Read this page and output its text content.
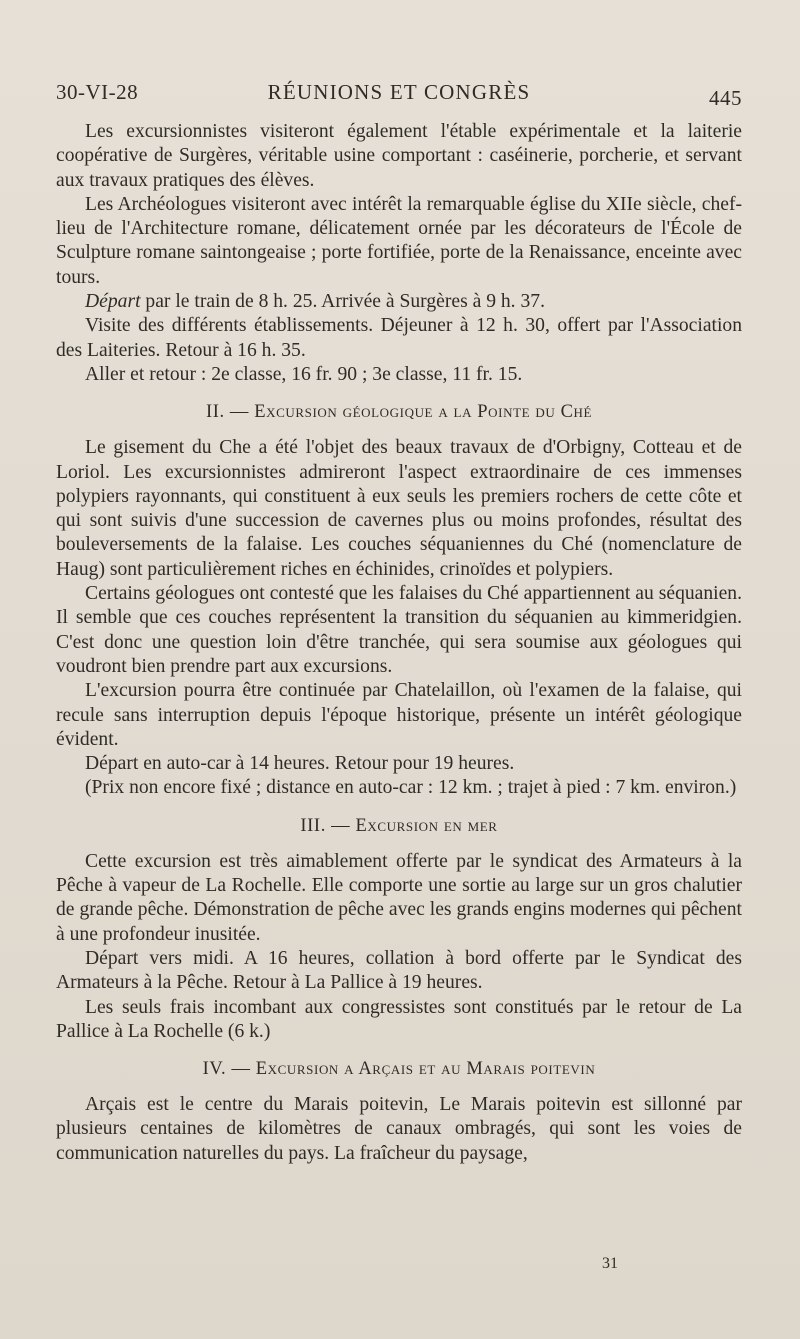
30-VI-28	RÉUNIONS ET CONGRÈS	445

Les excursionnistes visiteront également l'étable expérimentale et la laiterie coopérative de Surgères, véritable usine comportant : caséinerie, porcherie, et servant aux travaux pratiques des élèves.

Les Archéologues visiteront avec intérêt la remarquable église du XIIe siècle, chef-lieu de l'Architecture romane, délicatement ornée par les décorateurs de l'École de Sculpture romane saintongeaise ; porte fortifiée, porte de la Renaissance, enceinte avec tours.

Départ par le train de 8 h. 25. Arrivée à Surgères à 9 h. 37.

Visite des différents établissements. Déjeuner à 12 h. 30, offert par l'Association des Laiteries. Retour à 16 h. 35.

Aller et retour : 2e classe, 16 fr. 90 ; 3e classe, 11 fr. 15.

II. — Excursion géologique a la Pointe du Ché

Le gisement du Che a été l'objet des beaux travaux de d'Orbigny, Cotteau et de Loriol. Les excursionnistes admireront l'aspect extraordinaire de ces immenses polypiers rayonnants, qui constituent à eux seuls les premiers rochers de cette côte et qui sont suivis d'une succession de cavernes plus ou moins profondes, résultat des bouleversements de la falaise. Les couches séquaniennes du Ché (nomenclature de Haug) sont particulièrement riches en échinides, crinoïdes et polypiers.

Certains géologues ont contesté que les falaises du Ché appartiennent au séquanien. Il semble que ces couches représentent la transition du séquanien au kimmeridgien. C'est donc une question loin d'être tranchée, qui sera soumise aux géologues qui voudront bien prendre part aux excursions.

L'excursion pourra être continuée par Chatelaillon, où l'examen de la falaise, qui recule sans interruption depuis l'époque historique, présente un intérêt géologique évident.

Départ en auto-car à 14 heures. Retour pour 19 heures.

(Prix non encore fixé ; distance en auto-car : 12 km. ; trajet à pied : 7 km. environ.)

III. — Excursion en mer

Cette excursion est très aimablement offerte par le syndicat des Armateurs à la Pêche à vapeur de La Rochelle. Elle comporte une sortie au large sur un gros chalutier de grande pêche. Démonstration de pêche avec les grands engins modernes qui pêchent à une profondeur inusitée.

Départ vers midi. A 16 heures, collation à bord offerte par le Syndicat des Armateurs à la Pêche. Retour à La Pallice à 19 heures.

Les seuls frais incombant aux congressistes sont constitués par le retour de La Pallice à La Rochelle (6 k.)

IV. — Excursion a Arçais et au Marais poitevin

Arçais est le centre du Marais poitevin, Le Marais poitevin est sillonné par plusieurs centaines de kilomètres de canaux ombragés, qui sont les voies de communication naturelles du pays. La fraîcheur du paysage,

31
